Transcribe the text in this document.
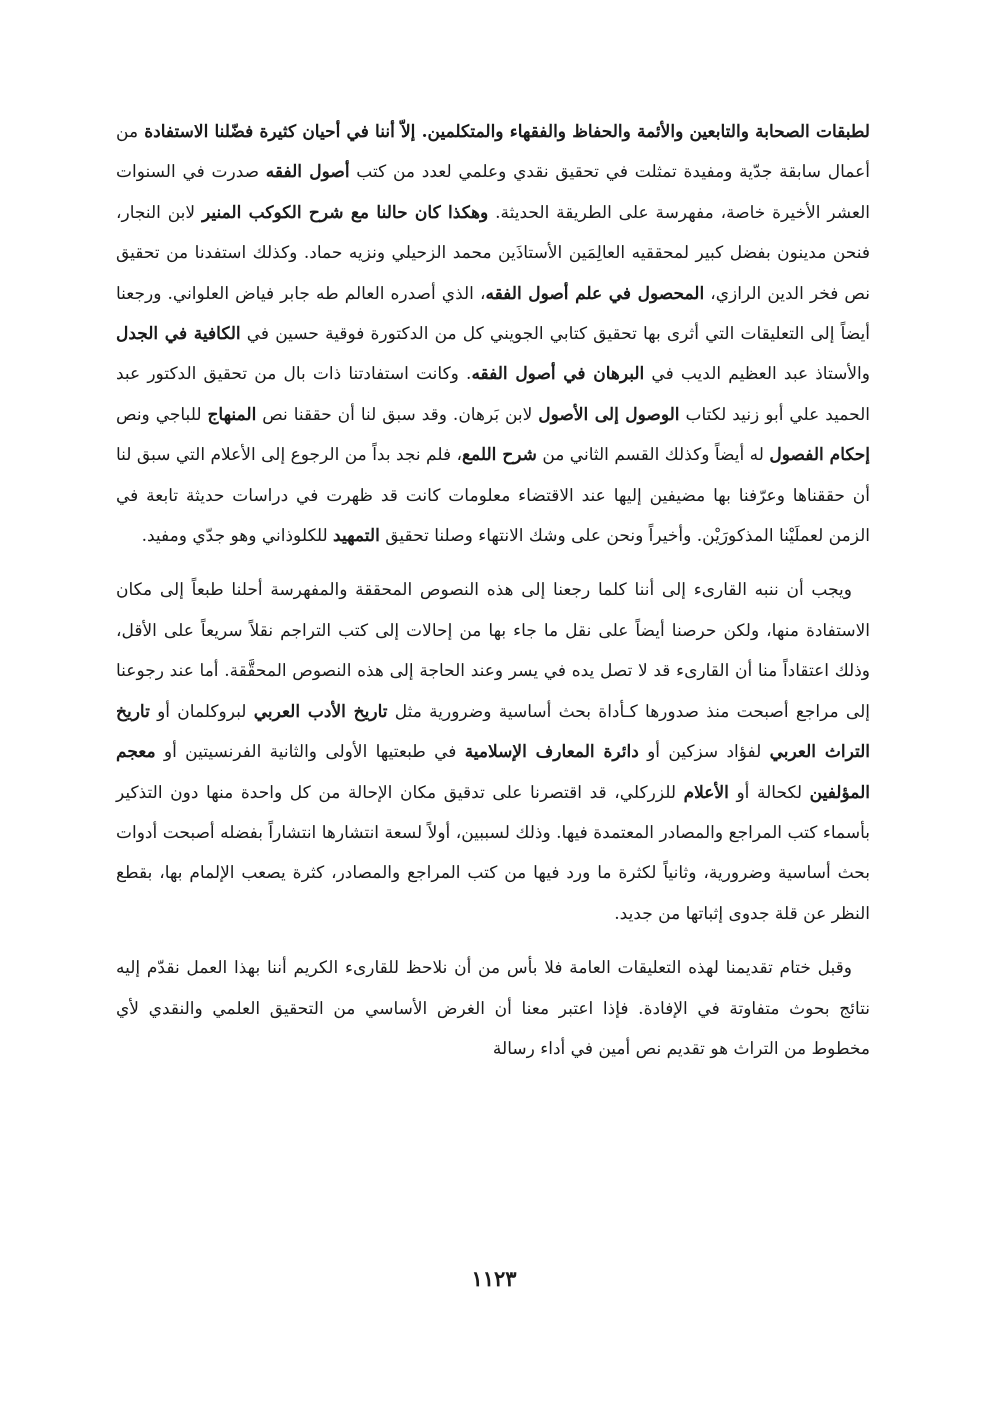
لطبقات الصحابة والتابعين والأئمة والحفاظ والفقهاء والمتكلمين. إلاّ أننا في أحيان كثيرة فضّلنا الاستفادة من أعمال سابقة جدّية ومفيدة تمثلت في تحقيق نقدي وعلمي لعدد من كتب أصول الفقه صدرت في السنوات العشر الأخيرة خاصة، مفهرسة على الطريقة الحديثة. وهكذا كان حالنا مع شرح الكوكب المنير لابن النجار، فنحن مدينون بفضل كبير لمحققيه العالِمَين الأستاذَين محمد الزحيلي ونزيه حماد. وكذلك استفدنا من تحقيق نص فخر الدين الرازي، المحصول في علم أصول الفقه، الذي أصدره العالم طه جابر فياض العلواني. ورجعنا أيضاً إلى التعليقات التي أثرى بها تحقيق كتابي الجويني كل من الدكتورة فوقية حسين في الكافية في الجدل والأستاذ عبد العظيم الديب في البرهان في أصول الفقه. وكانت استفادتنا ذات بال من تحقيق الدكتور عبد الحميد علي أبو زنيد لكتاب الوصول إلى الأصول لابن بَرهان. وقد سبق لنا أن حققنا نص المنهاج للباجي ونص إحكام الفصول له أيضاً وكذلك القسم الثاني من شرح اللمع، فلم نجد بداً من الرجوع إلى الأعلام التي سبق لنا أن حققناها وعرّفنا بها مضيفين إليها عند الاقتضاء معلومات كانت قد ظهرت في دراسات حديثة تابعة في الزمن لعملَيْنا المذكورَيْن. وأخيراً ونحن على وشك الانتهاء وصلنا تحقيق التمهيد للكلوذاني وهو جدّي ومفيد.

ويجب أن ننبه القارىء إلى أننا كلما رجعنا إلى هذه النصوص المحققة والمفهرسة أحلنا طبعاً إلى مكان الاستفادة منها، ولكن حرصنا أيضاً على نقل ما جاء بها من إحالات إلى كتب التراجم نقلاً سريعاً على الأقل، وذلك اعتقاداً منا أن القارىء قد لا تصل يده في يسر وعند الحاجة إلى هذه النصوص المحقَّقة. أما عند رجوعنا إلى مراجع أصبحت منذ صدورها كـأداة بحث أساسية وضرورية مثل تاريخ الأدب العربي لبروكلمان أو تاريخ التراث العربي لفؤاد سزكين أو دائرة المعارف الإسلامية في طبعتيها الأولى والثانية الفرنسيتين أو معجم المؤلفين لكحالة أو الأعلام للزركلي، قد اقتصرنا على تدقيق مكان الإحالة من كل واحدة منها دون التذكير بأسماء كتب المراجع والمصادر المعتمدة فيها. وذلك لسببين، أولاً لسعة انتشارها انتشاراً بفضله أصبحت أدوات بحث أساسية وضرورية، وثانياً لكثرة ما ورد فيها من كتب المراجع والمصادر، كثرة يصعب الإلمام بها، بقطع النظر عن قلة جدوى إثباتها من جديد.

وقبل ختام تقديمنا لهذه التعليقات العامة فلا بأس من أن نلاحظ للقارىء الكريم أننا بهذا العمل نقدّم إليه نتائج بحوث متفاوتة في الإفادة. فإذا اعتبر معنا أن الغرض الأساسي من التحقيق العلمي والنقدي لأي مخطوط من التراث هو تقديم نص أمين في أداء رسالة

١١٢٣
